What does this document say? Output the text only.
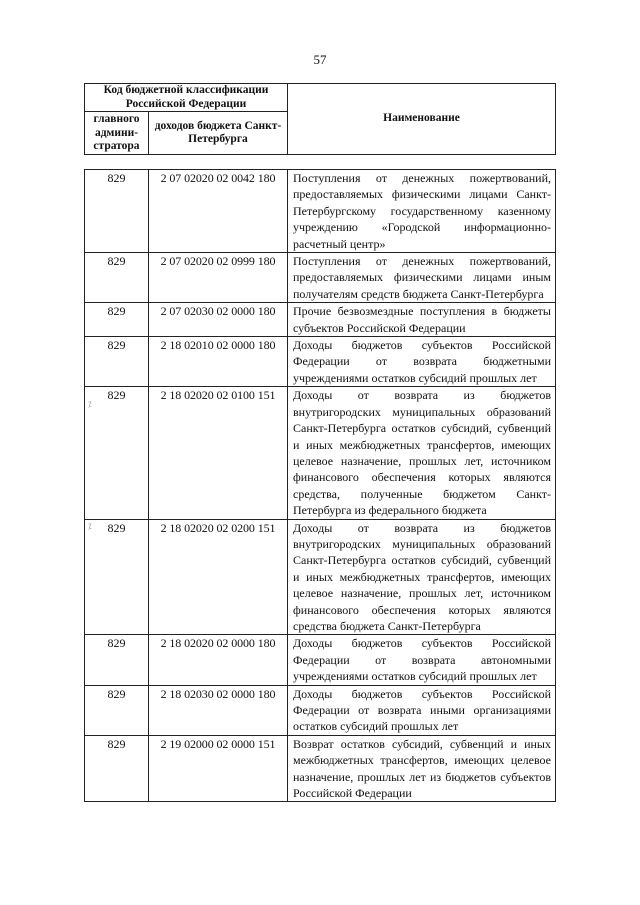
57
Код бюджетной классификации Российской Федерации		Наименование
главного админи-стратора	доходов бюджета Санкт-Петербурга	
829	2 07 02020 02 0042 180	Поступления от денежных пожертвований, предоставляемых физическими лицами Санкт-Петербургскому государственному казенному учреждению «Городской информационно-расчетный центр»
829	2 07 02020 02 0999 180	Поступления от денежных пожертвований, предоставляемых физическими лицами иным получателям средств бюджета Санкт-Петербурга
829	2 07 02030 02 0000 180	Прочие безвозмездные поступления в бюджеты субъектов Российской Федерации
829	2 18 02010 02 0000 180	Доходы бюджетов субъектов Российской Федерации от возврата бюджетными учреждениями остатков субсидий прошлых лет
829	2 18 02020 02 0100 151	Доходы от возврата из бюджетов внутригородских муниципальных образований Санкт-Петербурга остатков субсидий, субвенций и иных межбюджетных трансфертов, имеющих целевое назначение, прошлых лет, источником финансового обеспечения которых являются средства, полученные бюджетом Санкт-Петербурга из федерального бюджета
829	2 18 02020 02 0200 151	Доходы от возврата из бюджетов внутригородских муниципальных образований Санкт-Петербурга остатков субсидий, субвенций и иных межбюджетных трансфертов, имеющих целевое назначение, прошлых лет, источником финансового обеспечения которых являются средства бюджета Санкт-Петербурга
829	2 18 02020 02 0000 180	Доходы бюджетов субъектов Российской Федерации от возврата автономными учреждениями остатков субсидий прошлых лет
829	2 18 02030 02 0000 180	Доходы бюджетов субъектов Российской Федерации от возврата иными организациями остатков субсидий прошлых лет
829	2 19 02000 02 0000 151	Возврат остатков субсидий, субвенций и иных межбюджетных трансфертов, имеющих целевое назначение, прошлых лет из бюджетов субъектов Российской Федерации
⁒
⁒
